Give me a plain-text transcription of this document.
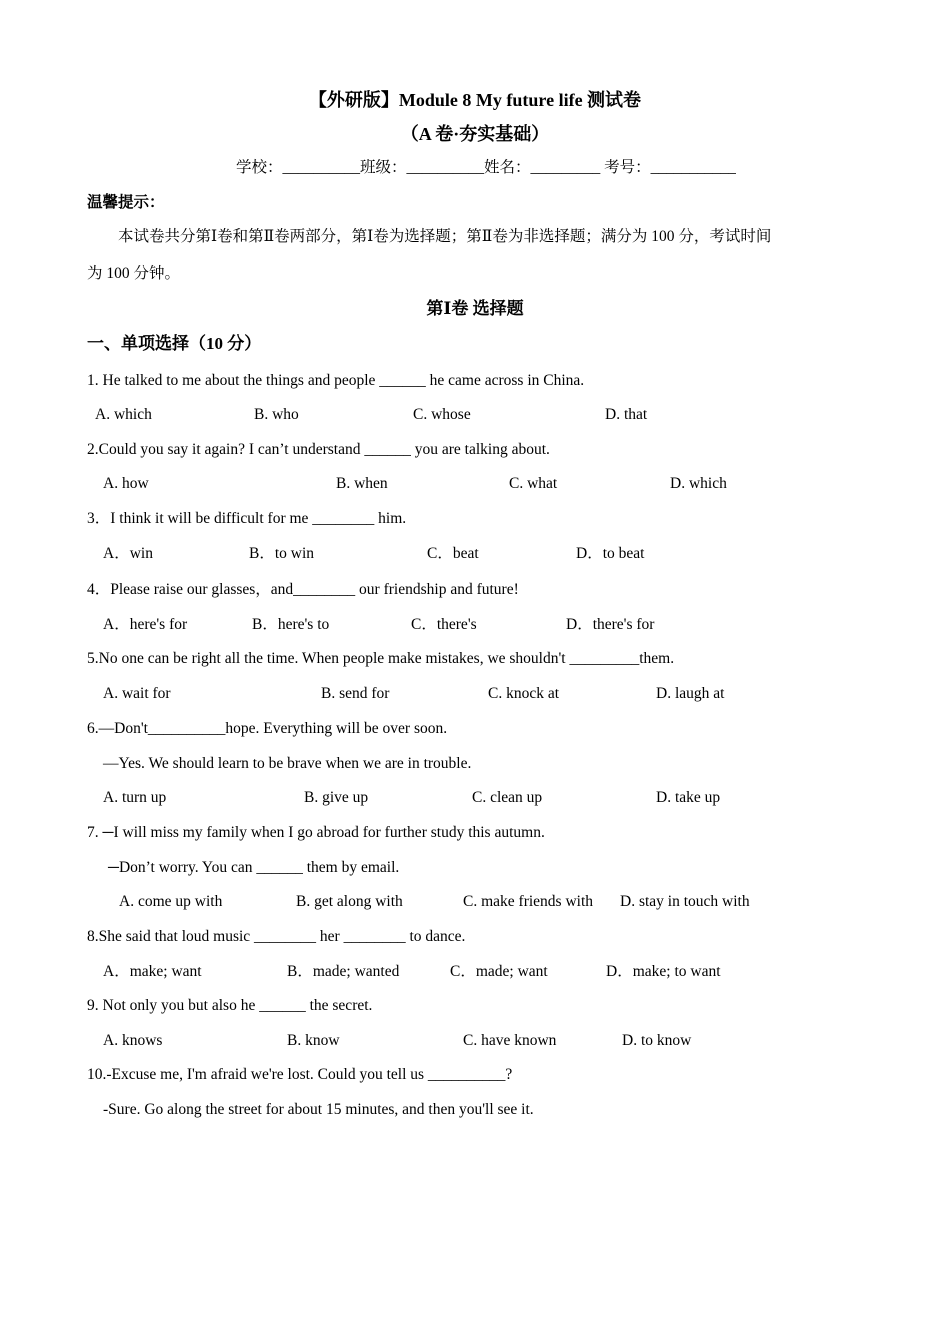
【外研版】Module 8 My future life 测试卷
（A 卷·夯实基础）
学校：__________班级：__________姓名：_________ 考号：___________
温馨提示：
本试卷共分第Ⅰ卷和第Ⅱ卷两部分，第Ⅰ卷为选择题；第Ⅱ卷为非选择题；满分为 100 分，考试时间
为 100 分钟。
第Ⅰ卷 选择题
一、单项选择（10 分）
1. He talked to me about the things and people ______ he came across in China.
A. which	B. who	C. whose	D. that
2.Could you say it again? I can’t understand ______ you are talking about.
A. how	B. when	C. what	D. which
3．I think it will be difficult for me ________ him.
A．win	B．to win	C．beat	D．to beat
4．Please raise our glasses，and________ our friendship and future!
A．here's for	B．here's to	C．there's	D．there's for
5.No one can be right all the time. When people make mistakes, we shouldn't _________them.
A. wait for	B. send for	C. knock at	D. laugh at
6.—Don't__________hope. Everything will be over soon.
—Yes. We should learn to be brave when we are in trouble.
A. turn up	B. give up	C. clean up	D. take up
7. ─I will miss my family when I go abroad for further study this autumn.
─Don’t worry. You can ______ them by email.
A. come up with	B. get along with	C. make friends with D. stay in touch with
8.She said that loud music ________ her ________ to dance.
A．make; want	B．made; wanted	C．made; want	D．make; to want
9. Not only you but also he ______ the secret.
A. knows	B. know	C. have known	D. to know
10.-Excuse me, I'm afraid we're lost. Could you tell us __________?
-Sure. Go along the street for about 15 minutes, and then you'll see it.
